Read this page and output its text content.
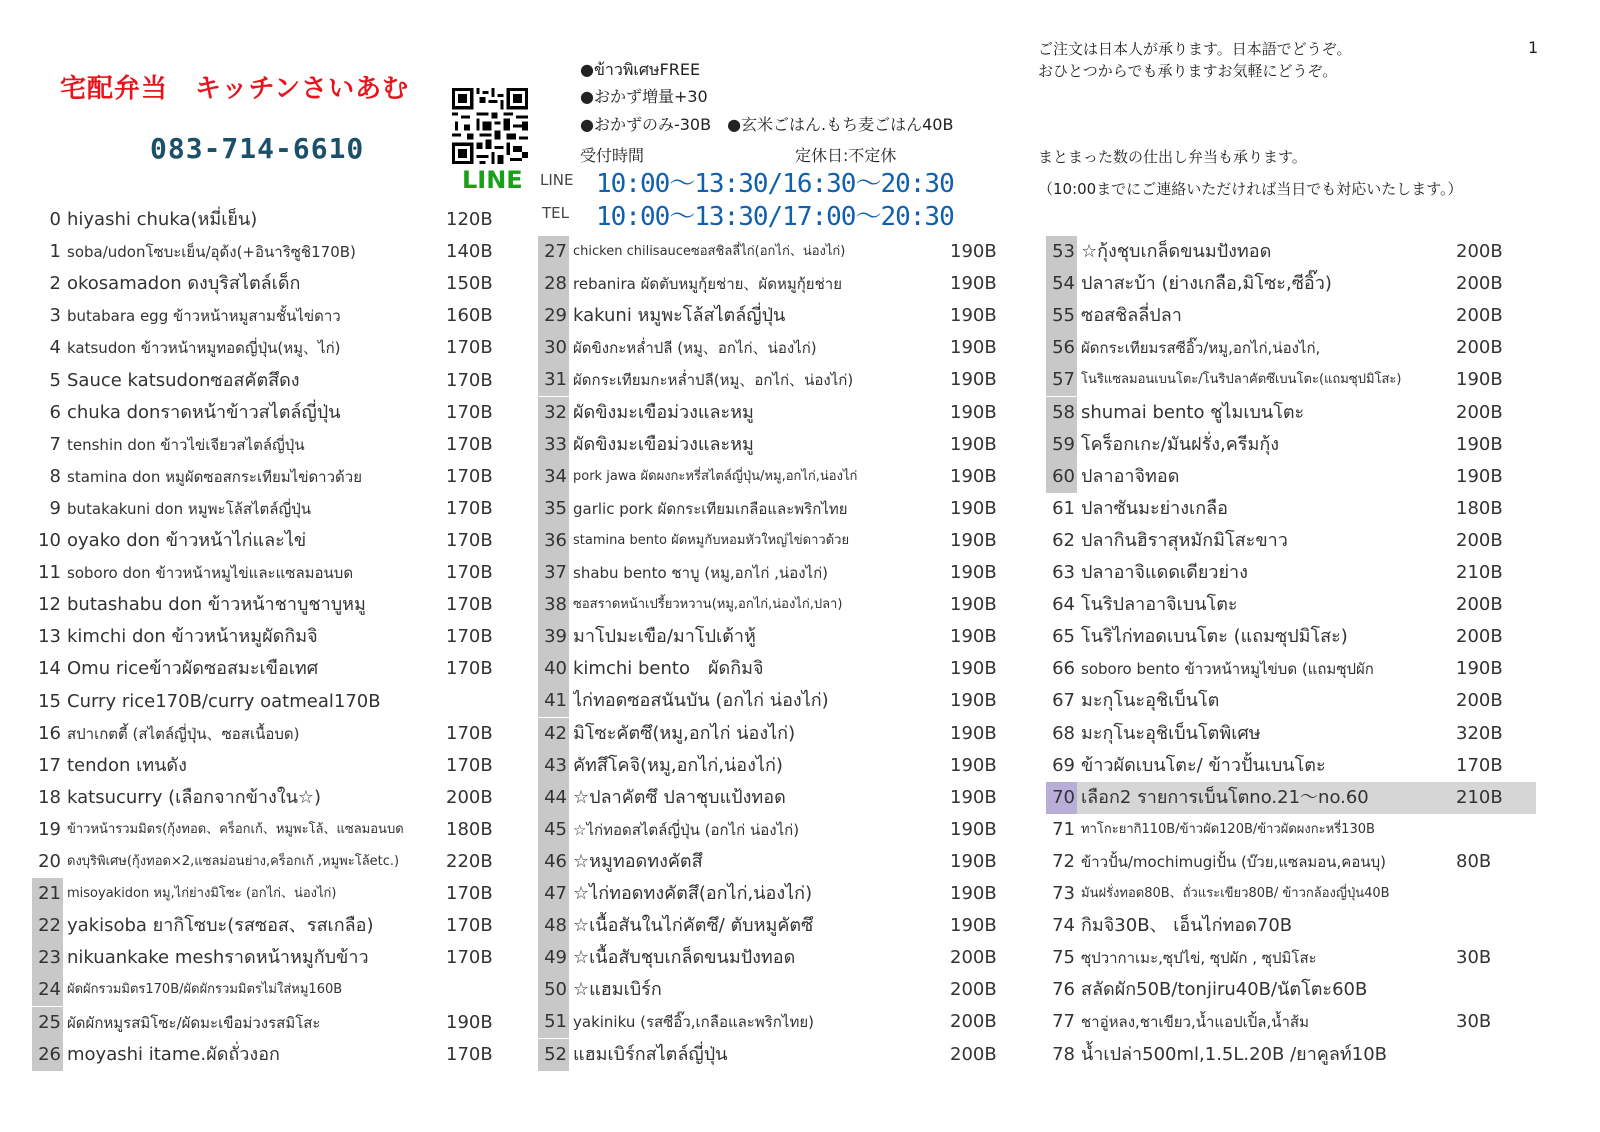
宅配弁当　キッチンさいあむ
083-714-6610
LINE
●ข้าวพิเศษFREE
●おかず増量+30
●おかずのみ-30B　●玄米ごはん.もち麦ごはん40B
受付時間	定休日:不定休
LINE 10:00～13:30/16:30～20:30
TEL 10:00～13:30/17:00～20:30
ご注文は日本人が承ります。日本語でどうぞ。
おひとつからでも承りますお気軽にどうぞ。
まとまった数の仕出し弁当も承ります。
（10:00までにご連絡いただければ当日でも対応いたします。）
1
0 hiyashi chuka(หมี่เย็น)	120B
1 soba/udonโซบะเย็น/อุด้ง(+อินาริซูชิ170B)	140B
2 okosamadon ดงบุริสไตล์เด็ก	150B
3 butabara egg ข้าวหน้าหมูสามชั้นไข่ดาว	160B
4 katsudon ข้าวหน้าหมูทอดญี่ปุ่น(หมู、ไก่)	170B
5 Sauce katsudonซอสคัตสึดง	170B
6 chuka donราดหน้าข้าวสไตล์ญี่ปุ่น	170B
7 tenshin don ข้าวไข่เจียวสไตล์ญี่ปุ่น	170B
8 stamina don หมูผัดซอสกระเทียมไข่ดาวด้วย	170B
9 butakakuni don หมูพะโล้สไตล์ญี่ปุ่น	170B
10 oyako don ข้าวหน้าไก่และไข่	170B
11 soboro don ข้าวหน้าหมูไข่และแซลมอนบด	170B
12 butashabu don ข้าวหน้าชาบูชาบูหมู	170B
13 kimchi don ข้าวหน้าหมูผัดกิมจิ	170B
14 Omu riceข้าวผัดซอสมะเขือเทศ	170B
15 Curry rice170B/curry oatmeal170B
16 สปาเกตตี้ (สไตล์ญี่ปุ่น、ซอสเนื้อบด)	170B
17 tendon เทนดัง	170B
18 katsucurry (เลือกจากข้างใน☆)	200B
19 ข้าวหน้ารวมมิตร(กุ้งทอด、คร็อกเก้、หมูพะโล้、แซลมอนบด	180B
20 ดงบุริพิเศษ(กุ้งทอด×2,แซลม่อนย่าง,คร็อกเก้ ,หมูพะโล้etc.)	220B
21 misoyakidon หมู,ไก่ย่างมิโซะ (อกไก่、น่องไก่)	170B
22 yakisoba ยากิโซบะ(รสซอส、รสเกลือ)	170B
23 nikuankake meshราดหน้าหมูกับข้าว	170B
24 ผัดผักรวมมิตร170B/ผัดผักรวมมิตรไม่ใส่หมู160B
25 ผัดผักหมูรสมิโซะ/ผัดมะเขือม่วงรสมิโสะ	190B
26 moyashi itame.ผัดถั่วงอก	170B
27 chicken chilisauceซอสชิลลี่ไก่(อกไก่、น่องไก่)	190B
28 rebanira ผัดตับหมูกุ้ยช่าย、ผัดหมูกุ้ยช่าย	190B
29 kakuni หมูพะโล้สไตล์ญี่ปุ่น	190B
30 ผัดขิงกะหล่ำปลี (หมู、อกไก่、น่องไก่)	190B
31 ผัดกระเทียมกะหล่ำปลี(หมู、อกไก่、น่องไก่)	190B
32 ผัดขิงมะเขือม่วงและหมู	190B
33 ผัดขิงมะเขือม่วงและหมู	190B
34 pork jawa ผัดผงกะหรี่สไตล์ญี่ปุ่น/หมู,อกไก่,น่องไก่	190B
35 garlic pork ผัดกระเทียมเกลือและพริกไทย	190B
36 stamina bento ผัดหมูกับหอมหัวใหญ่ไข่ดาวด้วย	190B
37 shabu bento ชาบู (หมู,อกไก่ ,น่องไก่)	190B
38 ซอสราดหน้าเปรี้ยวหวาน(หมู,อกไก่,น่องไก่,ปลา)	190B
39 มาโปมะเขือ/มาโปเต้าหู้	190B
40 kimchi bento　ผัดกิมจิ	190B
41 ไก่ทอดซอสนันบัน (อกไก่ น่องไก่)	190B
42 มิโซะคัตซึ(หมู,อกไก่ น่องไก่)	190B
43 คัทสึโคจิ(หมู,อกไก่,น่องไก่)	190B
44 ☆ปลาคัตซึ ปลาชุบแป้งทอด	190B
45 ☆ไก่ทอดสไตล์ญี่ปุ่น (อกไก่ น่องไก่)	190B
46 ☆หมูทอดทงคัตสึ	190B
47 ☆ไก่ทอดทงคัตสึ(อกไก่,น่องไก่)	190B
48 ☆เนื้อสันในไก่คัตซึ/ ตับหมูคัตซึ	190B
49 ☆เนื้อสับชุบเกล็ดขนมปังทอด	200B
50 ☆แฮมเบิร์ก	200B
51 yakiniku (รสซีอิ๊ว,เกลือและพริกไทย)	200B
52 แฮมเบิร์กสไตล์ญี่ปุ่น	200B
53 ☆กุ้งชุบเกล็ดขนมปังทอด	200B
54 ปลาสะบ้า (ย่างเกลือ,มิโซะ,ซีอิ๊ว)	200B
55 ซอสชิลลี่ปลา	200B
56 ผัดกระเทียมรสซีอิ๊ว/หมู,อกไก่,น่องไก่,	200B
57 โนริแซลมอนเบนโตะ/โนริปลาคัตซึเบนโตะ(แถมซุปมิโสะ)	190B
58 shumai bento ชูไมเบนโตะ	200B
59 โคร็อกเกะ/มันฝรั่ง,ครีมกุ้ง	190B
60 ปลาอาจิทอด	190B
61 ปลาซันมะย่างเกลือ	180B
62 ปลากินฮิราสุหมักมิโสะขาว	200B
63 ปลาอาจิแดดเดียวย่าง	210B
64 โนริปลาอาจิเบนโตะ	200B
65 โนริไก่ทอดเบนโตะ (แถมซุปมิโสะ)	200B
66 soboro bento ข้าวหน้าหมูไข่บด (แถมซุปผัก	190B
67 มะกุโนะอุชิเบ็นโต	200B
68 มะกุโนะอุชิเบ็นโตพิเศษ	320B
69 ข้าวผัดเบนโตะ/ ข้าวปั้นเบนโตะ	170B
70 เลือก2 รายการเบ็นโตno.21～no.60	210B
71 ทาโกะยากิ110B/ข้าวผัด120B/ข้าวผัดผงกะหรี่130B
72 ข้าวปั้น/mochimugiปั้น (บ๊วย,แซลมอน,คอนบุ)	80B
73 มันฝรั่งทอด80B、ถั่วแระเขียว80B/ ข้าวกล้องญี่ปุ่น40B
74 กิมจิ30B、 เอ็นไก่ทอด70B
75 ซุปวากาเมะ,ซุปไข่, ซุปผัก , ซุปมิโสะ	30B
76 สลัดผัก50B/tonjiru40B/นัตโตะ60B
77 ชาอู่หลง,ชาเขียว,น้ำแอปเปิ้ล,น้ำส้ม	30B
78 น้ำเปล่า500ml,1.5L.20B /ยาคูลท์10B
